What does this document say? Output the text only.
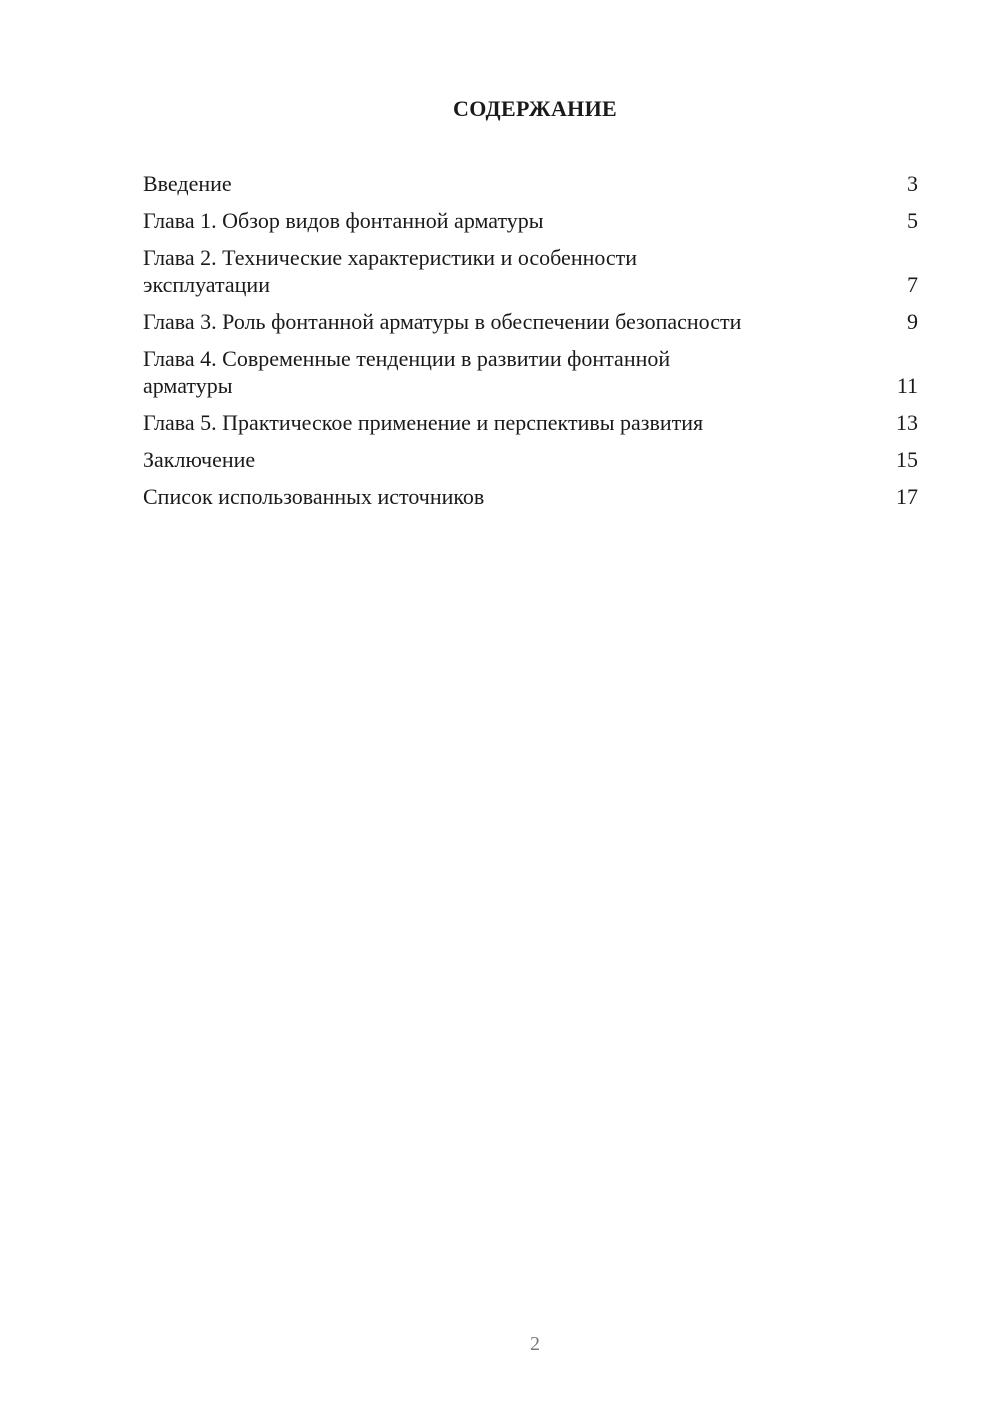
СОДЕРЖАНИЕ
Введение	3
Глава 1. Обзор видов фонтанной арматуры	5
Глава 2. Технические характеристики и особенности эксплуатации	7
Глава 3. Роль фонтанной арматуры в обеспечении безопасности	9
Глава 4. Современные тенденции в развитии фонтанной арматуры	11
Глава 5. Практическое применение и перспективы развития	13
Заключение	15
Список использованных источников	17
2
